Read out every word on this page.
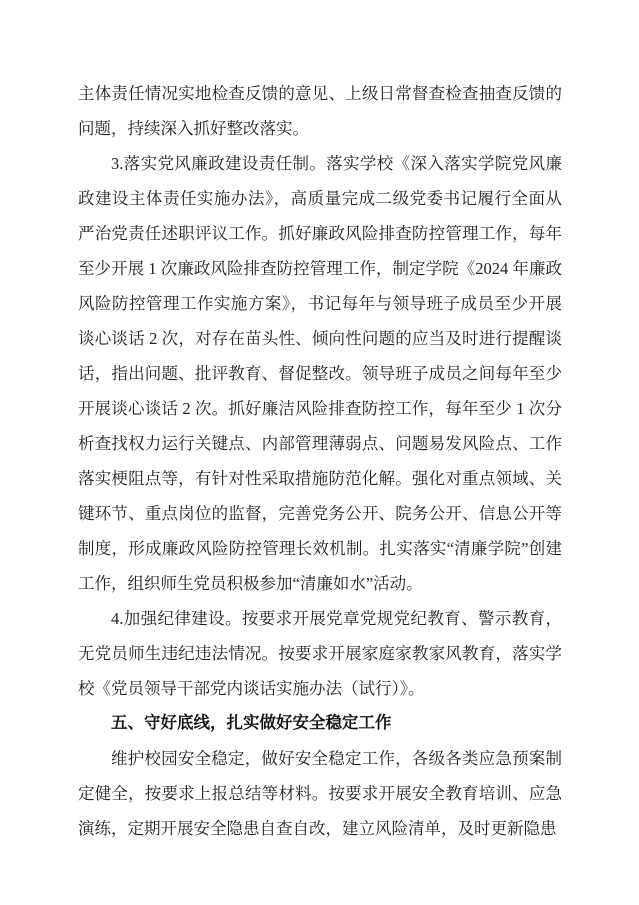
主体责任情况实地检查反馈的意见、上级日常督查检查抽查反馈的问题，持续深入抓好整改落实。

3.落实党风廉政建设责任制。落实学校《深入落实学院党风廉政建设主体责任实施办法》，高质量完成二级党委书记履行全面从严治党责任述职评议工作。抓好廉政风险排查防控管理工作，每年至少开展 1 次廉政风险排查防控管理工作，制定学院《2024 年廉政风险防控管理工作实施方案》，书记每年与领导班子成员至少开展谈心谈话 2 次，对存在苗头性、倾向性问题的应当及时进行提醒谈话，指出问题、批评教育、督促整改。领导班子成员之间每年至少开展谈心谈话 2 次。抓好廉洁风险排查防控工作，每年至少 1 次分析查找权力运行关键点、内部管理薄弱点、问题易发风险点、工作落实梗阻点等，有针对性采取措施防范化解。强化对重点领域、关键环节、重点岗位的监督，完善党务公开、院务公开、信息公开等制度，形成廉政风险防控管理长效机制。扎实落实“清廉学院”创建工作，组织师生党员积极参加“清廉如水”活动。

4.加强纪律建设。按要求开展党章党规党纪教育、警示教育，无党员师生违纪违法情况。按要求开展家庭家教家风教育，落实学校《党员领导干部党内谈话实施办法（试行）》。

五、守好底线，扎实做好安全稳定工作

维护校园安全稳定，做好安全稳定工作，各级各类应急预案制定健全，按要求上报总结等材料。按要求开展安全教育培训、应急演练，定期开展安全隐患自查自改，建立风险清单，及时更新隐患
